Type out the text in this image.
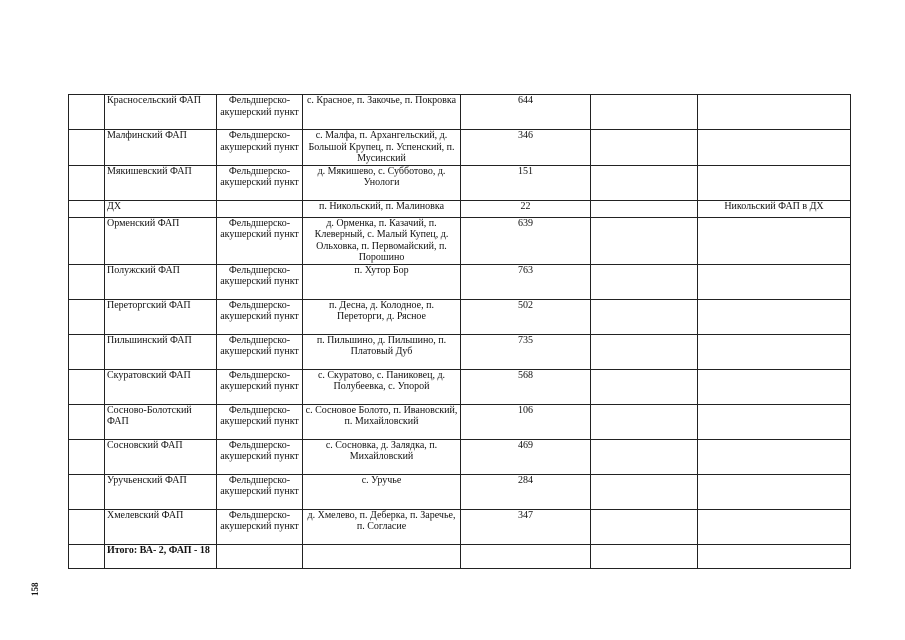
	Красносельский ФАП	Фельдшерско-акушерский пункт	с. Красное, п. Закочье, п. Покровка	644		
	Малфинский ФАП	Фельдшерско-акушерский пункт	с. Малфа, п. Архангельский, д. Большой Крупец, п. Успенский, п. Мусинский	346		
	Мякишевский ФАП	Фельдшерско-акушерский пункт	д. Мякишево, с. Субботово, д. Унологи	151		
	ДХ		п. Никольский, п. Малиновка	22		Никольский ФАП в ДХ
	Орменский ФАП	Фельдшерско-акушерский пункт	д. Орменка, п. Казачий, п. Клеверный, с. Малый Купец, д. Ольховка, п. Первомайский, п. Порошино	639		
	Полужский ФАП	Фельдшерско-акушерский пункт	п. Хутор Бор	763		
	Переторгский ФАП	Фельдшерско-акушерский пункт	п. Десна, д. Колодное, п. Переторги, д. Рясное	502		
	Пильшинский ФАП	Фельдшерско-акушерский пункт	п. Пильшино, д. Пильшино, п. Платовый Дуб	735		
	Скуратовский ФАП	Фельдшерско-акушерский пункт	с. Скуратово, с. Паниковец, д. Полубеевка, с. Упорой	568		
	Сосново-Болотский ФАП	Фельдшерско-акушерский пункт	с. Сосновое Болото, п. Ивановский, п. Михайловский	106		
	Сосновский ФАП	Фельдшерско-акушерский пункт	с. Сосновка, д. Залядка, п. Михайловский	469		
	Уручьенский ФАП	Фельдшерско-акушерский пункт	с. Уручье	284		
	Хмелевский ФАП	Фельдшерско-акушерский пункт	д. Хмелево, п. Деберка, п. Заречье, п. Согласие	347		
	Итого: ВА- 2, ФАП - 18					
158
